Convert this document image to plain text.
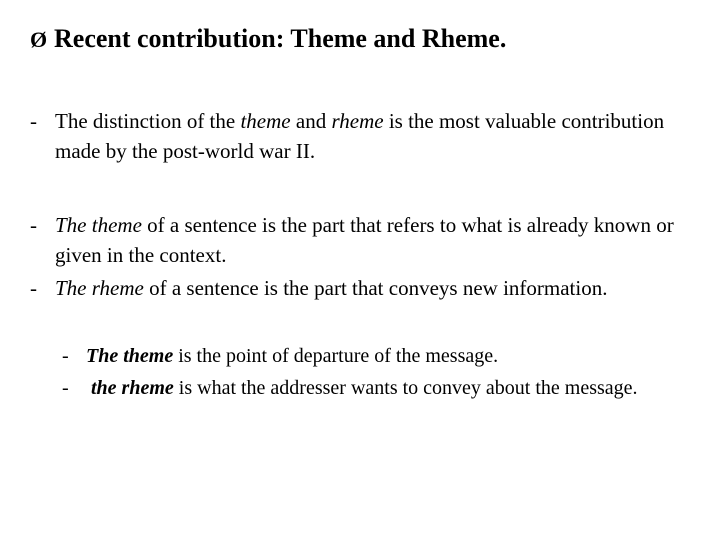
Ø Recent contribution: Theme and Rheme.
- The distinction of the theme and rheme is the most valuable contribution made by the post-world war II.
- The theme of a sentence is the part that refers to what is already known or given in the context.
- The rheme of a sentence is the part that conveys new information.
- The theme is the point of departure of the message.
- the rheme is what the addresser wants to convey about the message.
